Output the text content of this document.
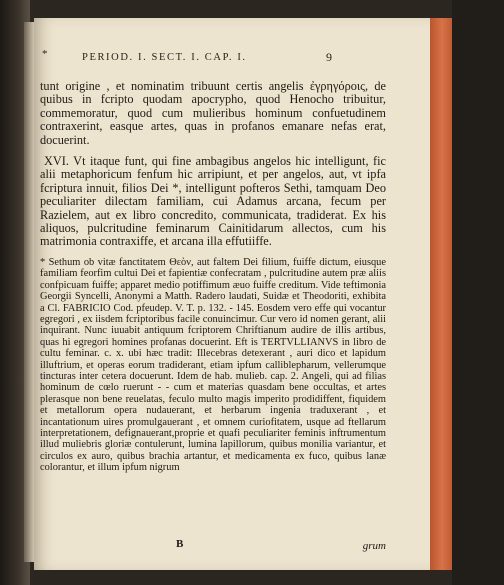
*	PERIOD. I. SECT. I. CAP. I.	9

tunt origine , et nominatim tribuunt certis angelis ἐγρηγόροις, de quibus in fcripto quodam apocrypho, quod Henocho tribuitur, commemoratur, quod cum mulieribus hominum confuetudinem contraxerint, easque artes, quas in profanos emanare nefas erat, docuerint.

XVI. Vt itaque funt, qui fine ambagibus angelos hic intelligunt, fic alii metaphoricum fenfum hic arripiunt, et per angelos, aut, vt ipfa fcriptura innuit, filios Dei *, intelligunt pofteros Sethi, tamquam Deo peculiariter dilectam familiam, cui Adamus arcana, fecum per Razielem, aut ex libro concredito, communicata, tradiderat. Ex his aliquos, pulcritudine feminarum Cainitidarum allectos, cum his matrimonia contraxiffe, et arcana illa effutiiffe.

* Sethum ob vitæ fanctitatem Θεὸν, aut faltem Dei filium, fuiffe dictum, eiusque familiam feorfim cultui Dei et fapientiæ confecratam , pulcritudine autem præ aliis confpicuam fuiffe; apparet medio potiffimum æuo fuiffe creditum. Vide teftimonia Georgii Syncelli, Anonymi a Matth. Radero laudati, Suidæ et Theodoriti, exhibita a Cl. FABRICIO Cod. pfeudep. V. T. p. 132. - 145. Eosdem vero effe qui vocantur egregori , ex iisdem fcriptoribus facile conuincimur. Cur vero id nomen gerant, alii inquirant. Nunc iuuabit antiquum fcriptorem Chriftianum audire de illis artibus, quas hi egregori homines profanas docuerint. Eft is TERTVLLIANVS in libro de cultu feminar. c. x. ubi hæc tradit: Illecebras detexerant , auri dico et lapidum illuftrium, et operas eorum tradiderant, etiam ipfum calliblepharum, vellerumque tincturas inter cetera docuerunt. Idem de hab. mulieb. cap. 2. Angeli, qui ad filias hominum de cœlo ruerunt - - cum et materias quasdam bene occultas, et artes plerasque non bene reuelatas, feculo multo magis imperito prodidiffent, fiquidem et metallorum opera nudauerant, et herbarum ingenia traduxerant , et incantationum uires promulgauerant , et omnem curiofitatem, usque ad ftellarum interpretationem, defignauerant,proprie et quafi peculiariter feminis inftrumentum illud muliebris gloriæ contulerunt, lumina lapillorum, quibus monilia variantur, et circulos ex auro, quibus brachia artantur, et medicamenta ex fuco, quibus lanæ colorantur, et illum ipfum nigrum

B	grum
